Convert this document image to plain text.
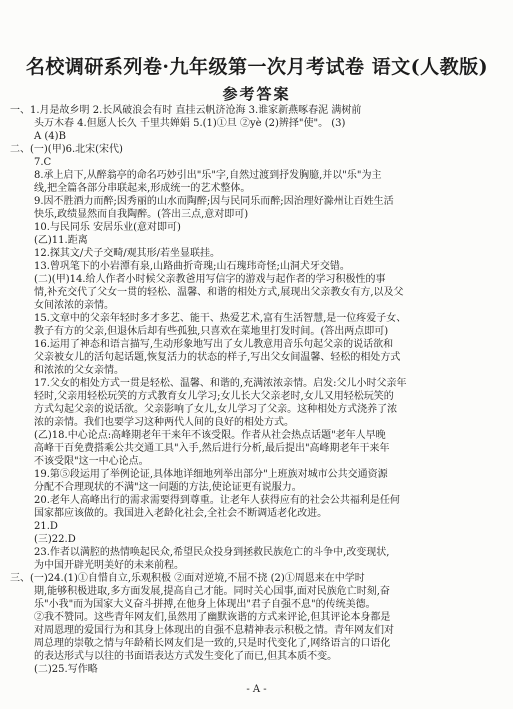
名校调研系列卷·九年级第一次月考试卷 语文(人教版)
参考答案
一、1.月是故乡明 2.长风破浪会有时 直挂云帆济沧海 3.谁家新燕啄春泥 满树前
头万木春 4.但愿人长久 千里共婵娟 5.(1)①旦 ②yè (2)辨择"使"。 (3)
A (4)B
二、(一)(甲)6.北宋(宋代)
7.C
8.承上启下,从醉翁亭的命名巧妙引出"乐"字,自然过渡到抒发胸臆,并以"乐"为主
线,把全篇各部分串联起来,形成统一的艺术整体。
9.因不胜酒力而醉;因秀丽的山水而陶醉;因与民同乐而醉;因治理好滁州让百姓生活
快乐,政绩显然而自我陶醉。(答出三点,意对即可)
10.与民同乐 安居乐业(意对即可)
(乙)11.距离
12.探其文/犬子交畸/观其形/若坐显联挂。
13.曾巩笔下的小岩潭有泉,山路曲折奇瑰;山石瑰玮奇怪;山洞犬牙交错。
(二)(甲)14.给人作者小时候父亲教爸用写信字的游戏与起作者的学习积极性的事
情,补充交代了父女一贯的轻松、温馨、和谐的相处方式,展现出父亲教女有方,以及父
女间浓浓的亲情。
15.文章中的父亲年轻时多才多艺、能干、热爱艺术,富有生活智慧,是一位疼爱子女、
教子有方的父亲,但退休后却有些孤独,只喜欢在菜地里打发时间。(答出两点即可)
16.运用了神态和语言描写,生动形象地写出了女儿教意用音乐句起父亲的说话欲和
父亲被女儿的活句起话题,恢复活力的状态的样子,写出父女间温馨、轻松的相处方式
和浓浓的父女亲情。
17.父女的相处方式一贯是轻松、温馨、和谐的,充满浓浓亲情。启发:父儿小时父亲年
轻时,父亲用轻松玩笑的方式教育女儿学习;女儿长大父亲老时,女儿又用轻松玩笑的
方式勾起父亲的说话欲。父亲影响了女儿,女儿学习了父亲。这种相处方式浇养了浓
浓的亲情。我们也要学习这种两代人间的良好的相处方式。
(乙)18.中心论点:高峰期老年干来年不该受限。作者从社会热点话题"老年人早晚
高峰干百免费搭乘公共交通工具"入手,然后进行分析,最后提出"高峰期老年干来年
不该受限"这一中心论点。
19.第⑤段运用了举例论证,具体地详细地列举出部分"上班族对城市公共交通资源
分配不合理现状的不满"这一问题的方法,使论证更有说服力。
20.老年人高峰出行的需求需要得到尊重。让老年人获得应有的社会公共福利是任何
国家都应该做的。我国进入老龄化社会,全社会不断调适老化改进。
21.D
(三)22.D
23.作者以满腔的热情唤起民众,希望民众投身到拯救民族危亡的斗争中,改变现状,
为中国开辟光明美好的未来前程。
三、(一)24.(1)①自惜自立,乐观积极 ②面对逆境,不屈不挠 (2)①周恩来在中学时
期,能够积极进取,多方面发展,提高自己才能。同时关心国事,面对民族危亡时刻,奋
乐"小我"而为国家大义奋斗拼搏,在他身上体现出"君子自强不息"的传统美德。
②我不赞同。这些青年网友们,虽然用了幽默诙谐的方式来评论,但其评论本身都是
对周恩理的爱国行为和其身上体现出的自强不息精神表示积极之情。青年网友们对
周总理的崇敬之情与年龄稍长网友们是一致的,只是时代变化了,网络语言的口语化
的表达形式与以往的书面语表达方式发生变化了而已,但其本质不变。
(二)25.写作略
- A -
